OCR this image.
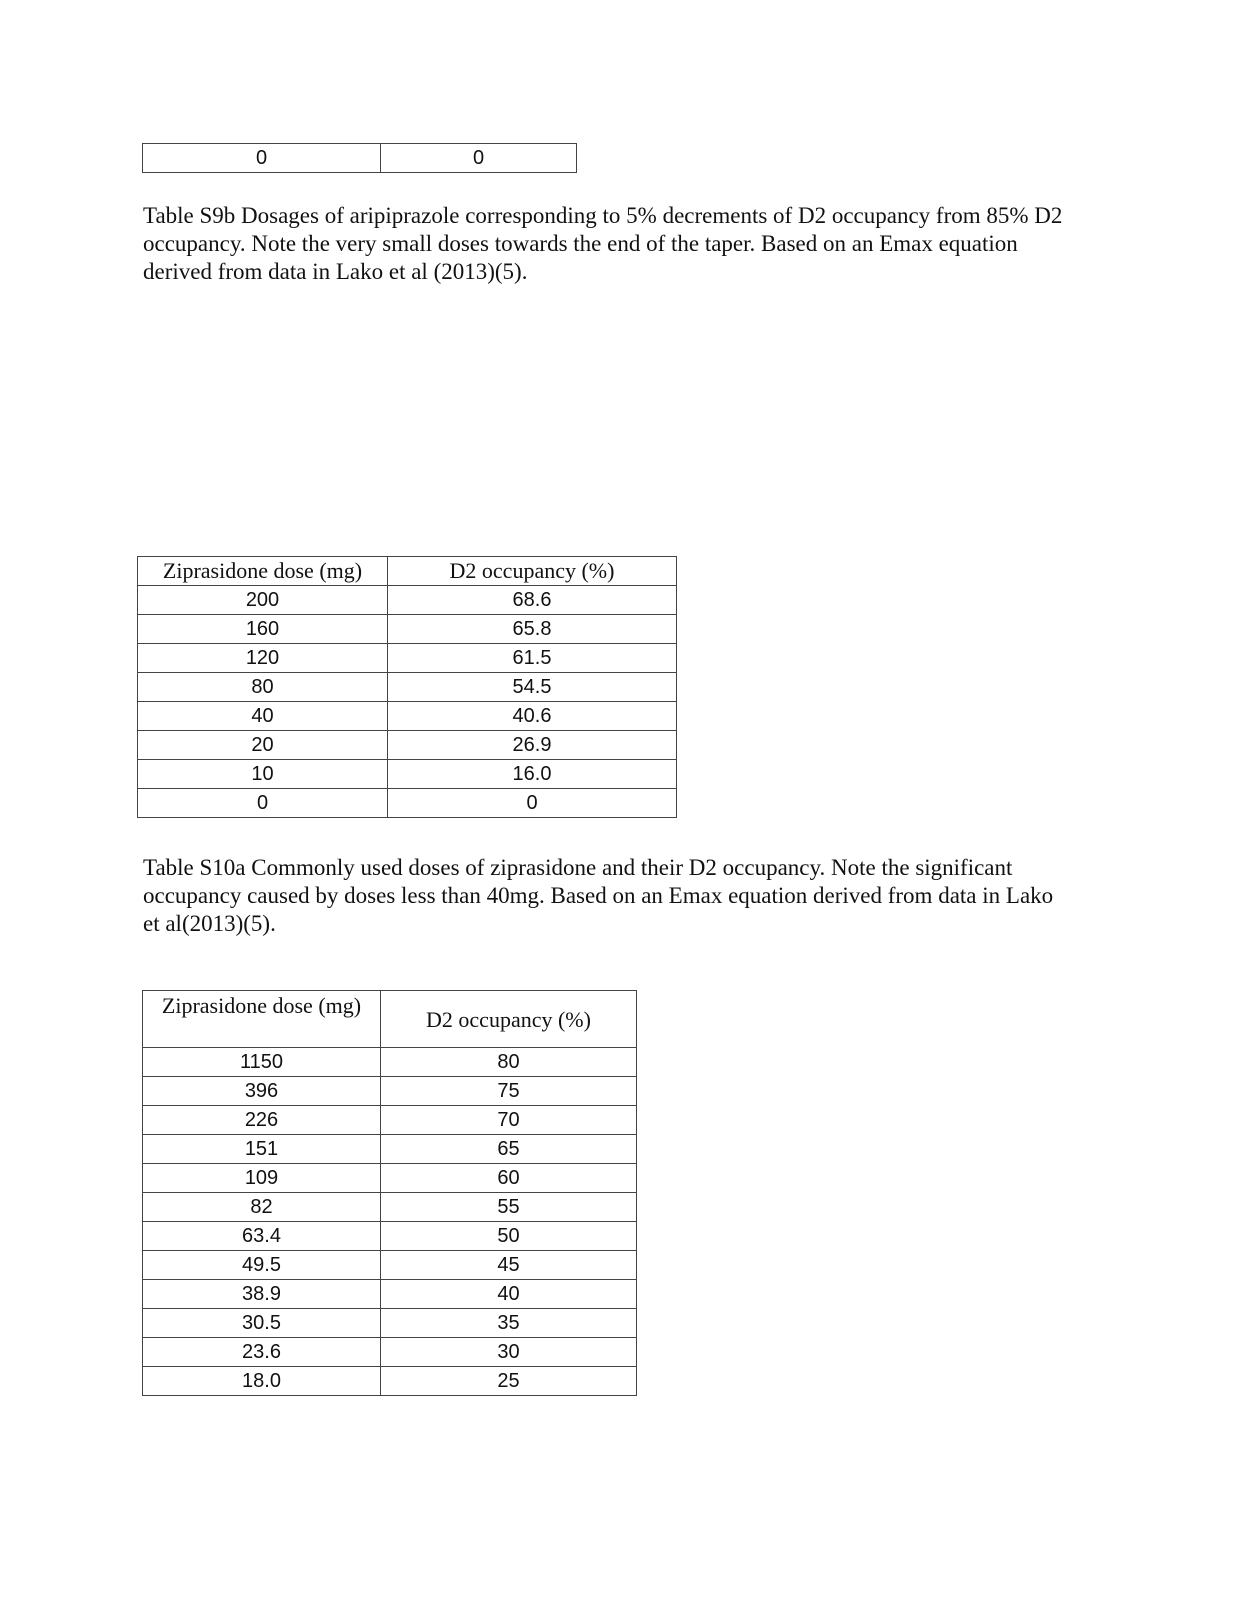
0	0

Table S9b Dosages of aripiprazole corresponding to 5% decrements of D2 occupancy from 85% D2 occupancy. Note the very small doses towards the end of the taper. Based on an Emax equation derived from data in Lako et al (2013)(5).

Ziprasidone dose (mg)	D2 occupancy (%)
200	68.6
160	65.8
120	61.5
80	54.5
40	40.6
20	26.9
10	16.0
0	0

Table S10a Commonly used doses of ziprasidone and their D2 occupancy. Note the significant occupancy caused by doses less than 40mg. Based on an Emax equation derived from data in Lako et al(2013)(5).

Ziprasidone dose (mg)	D2 occupancy (%)
1150	80
396	75
226	70
151	65
109	60
82	55
63.4	50
49.5	45
38.9	40
30.5	35
23.6	30
18.0	25
